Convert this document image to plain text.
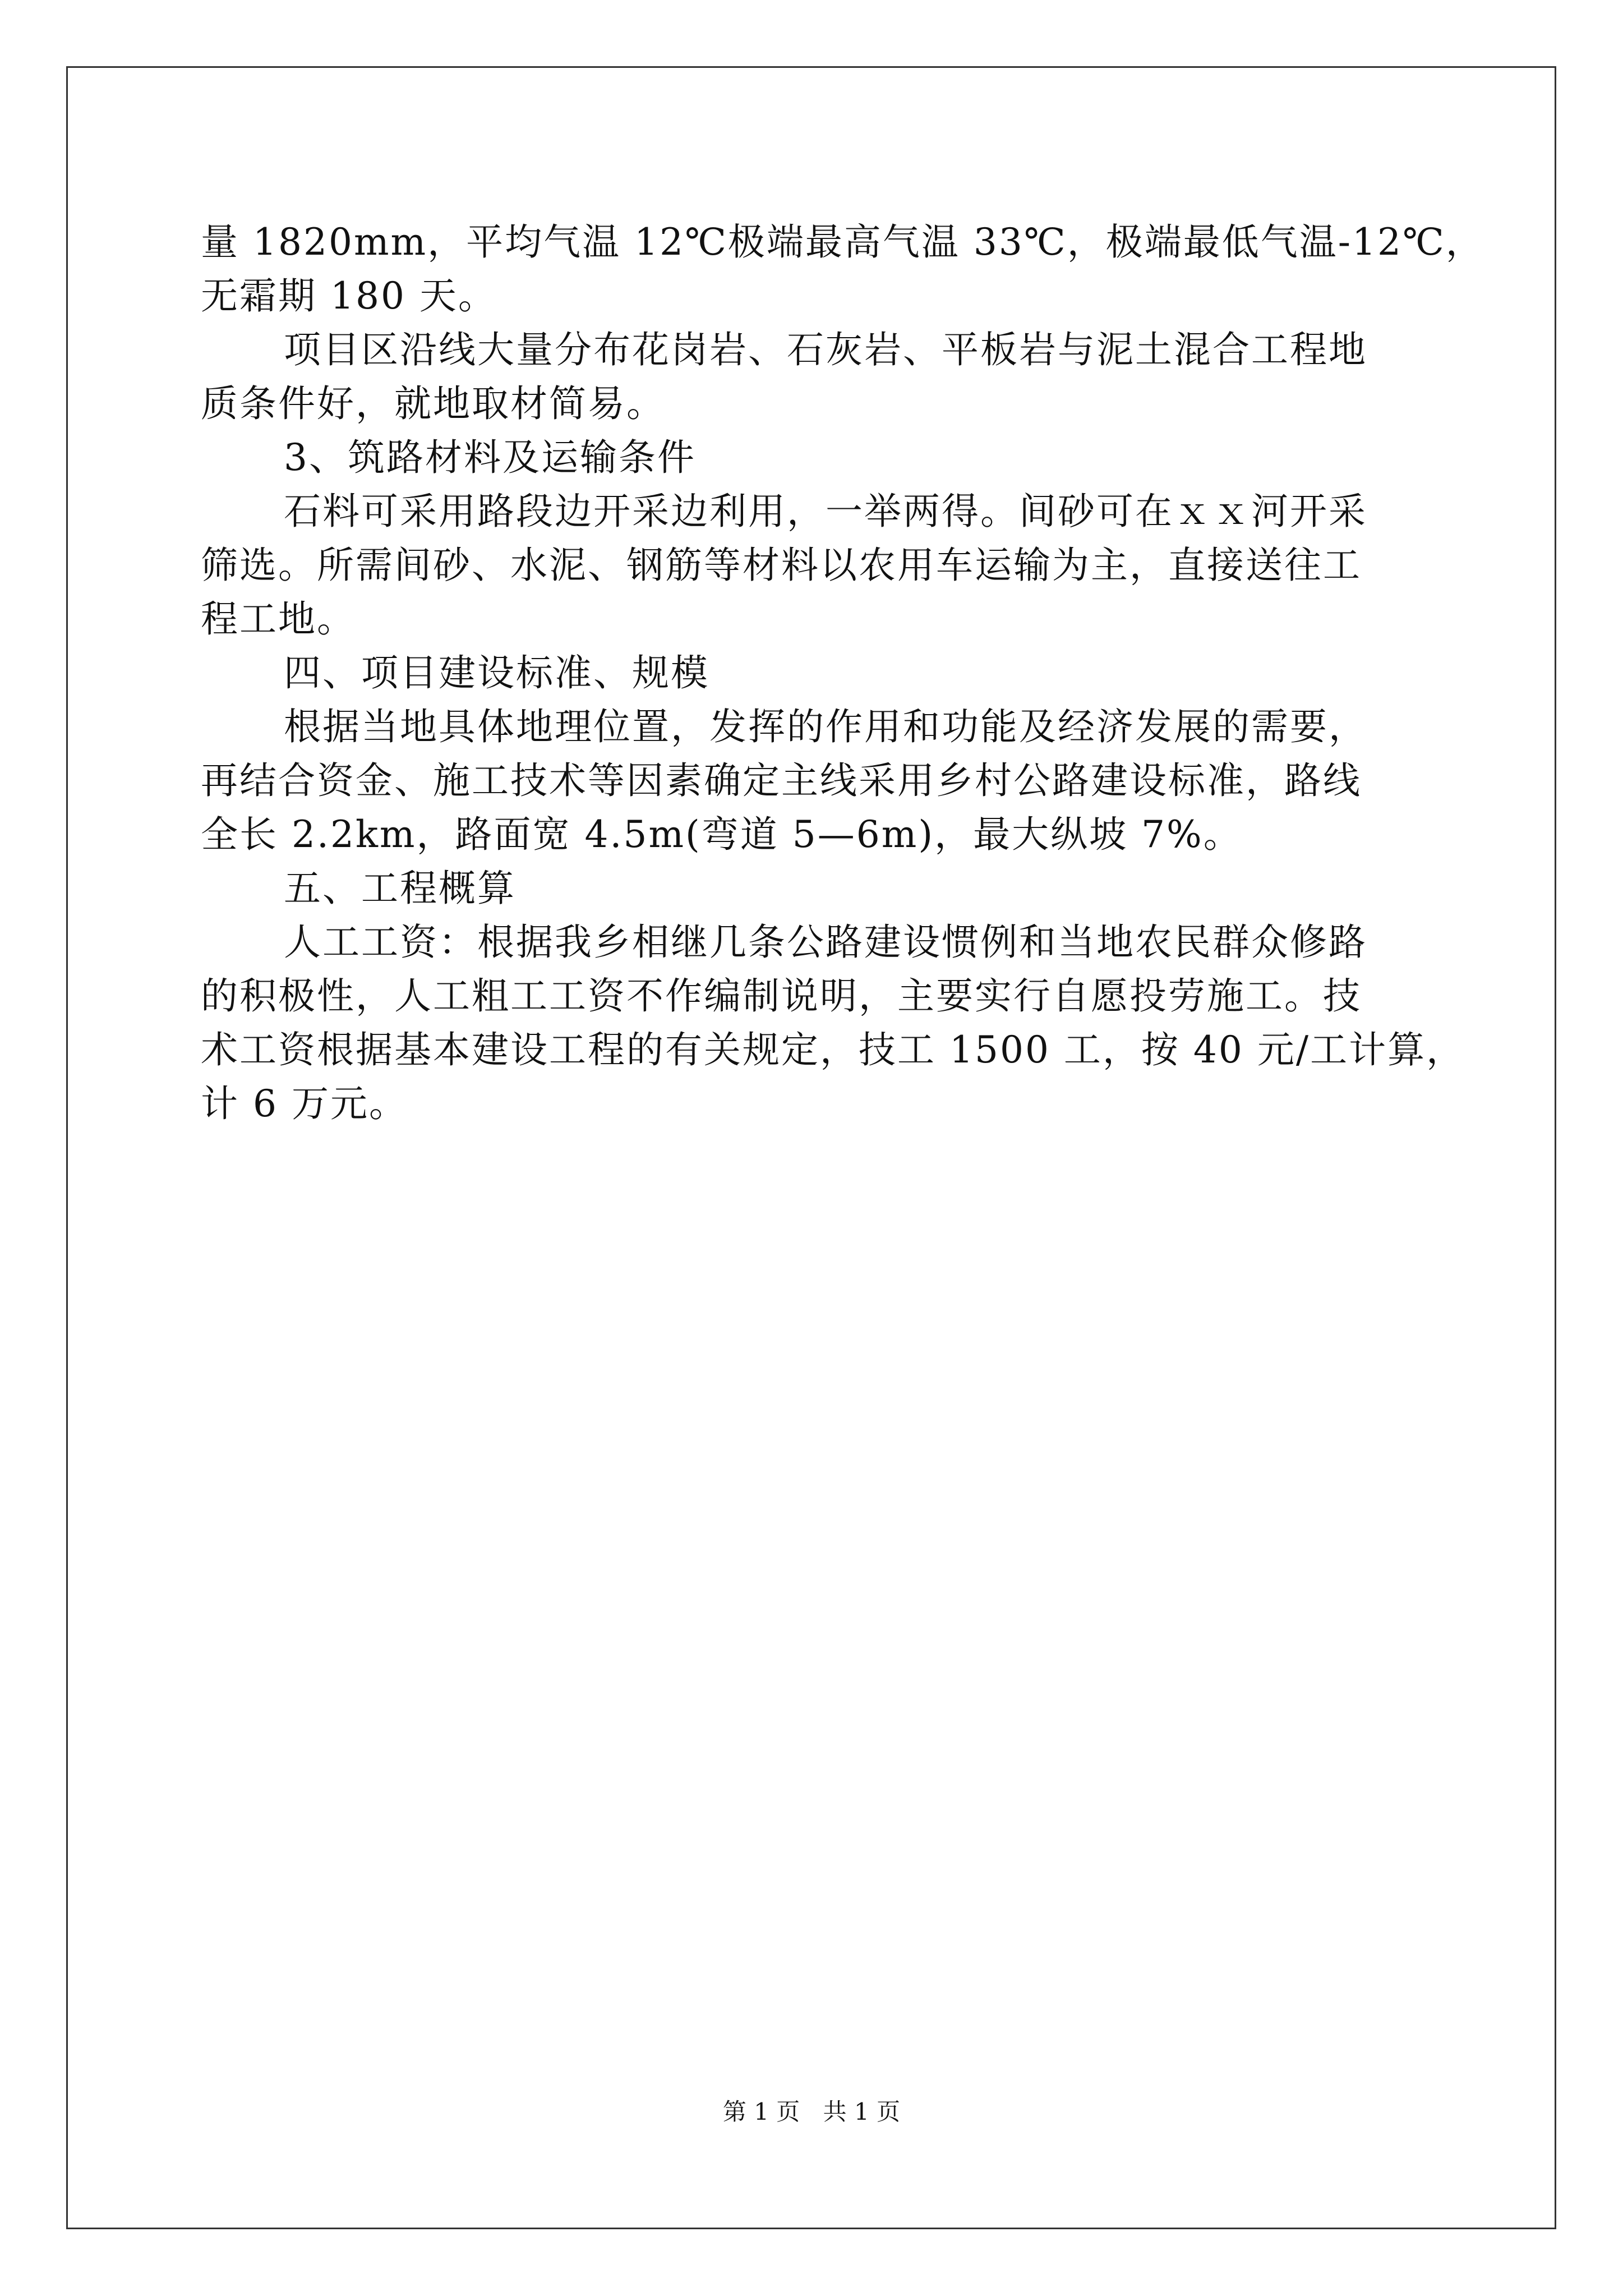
量 1820mm，平均气温 12℃极端最高气温 33℃，极端最低气温-12℃，
无霜期 180 天。
项目区沿线大量分布花岗岩、石灰岩、平板岩与泥土混合工程地
质条件好，就地取材简易。
3、筑路材料及运输条件
石料可采用路段边开采边利用，一举两得。间砂可在ｘｘ河开采
筛选。所需间砂、水泥、钢筋等材料以农用车运输为主，直接送往工
程工地。
四、项目建设标准、规模
根据当地具体地理位置，发挥的作用和功能及经济发展的需要，
再结合资金、施工技术等因素确定主线采用乡村公路建设标准，路线
全长 2.2km，路面宽 4.5m(弯道 5—6m)，最大纵坡 7%。
五、工程概算
人工工资：根据我乡相继几条公路建设惯例和当地农民群众修路
的积极性，人工粗工工资不作编制说明，主要实行自愿投劳施工。技
术工资根据基本建设工程的有关规定，技工 1500 工，按 40 元/工计算，
计 6 万元。
第 1 页 共 1 页
